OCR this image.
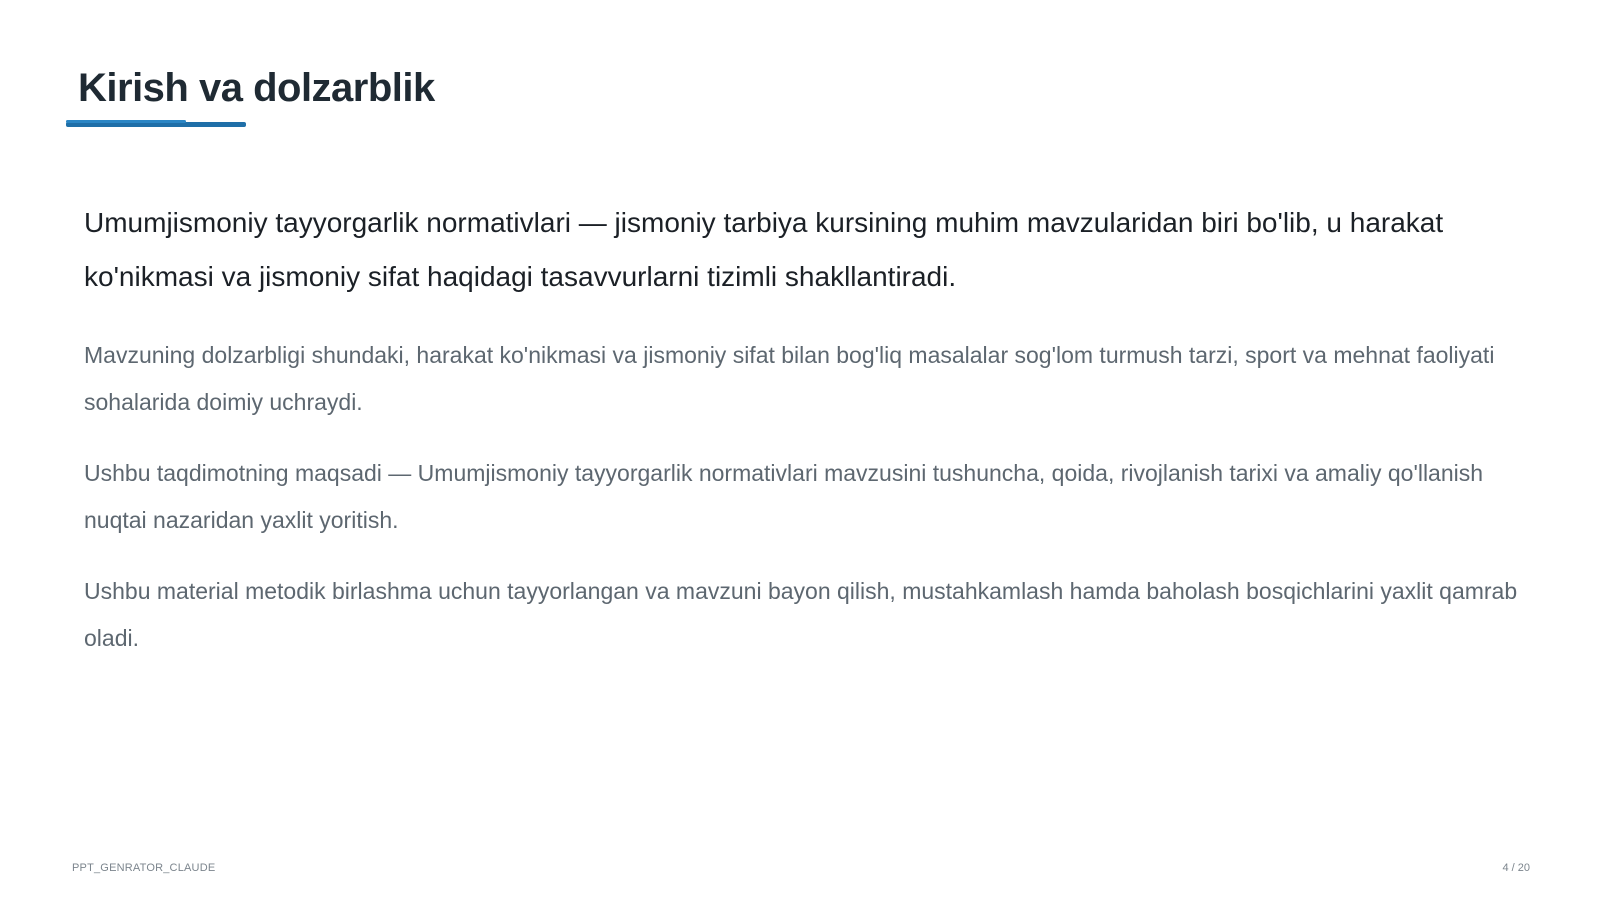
Kirish va dolzarblik

Umumjismoniy tayyorgarlik normativlari — jismoniy tarbiya kursining muhim mavzularidan biri bo'lib, u harakat ko'nikmasi va jismoniy sifat haqidagi tasavvurlarni tizimli shakllantiradi.

Mavzuning dolzarbligi shundaki, harakat ko'nikmasi va jismoniy sifat bilan bog'liq masalalar sog'lom turmush tarzi, sport va mehnat faoliyati sohalarida doimiy uchraydi.

Ushbu taqdimotning maqsadi — Umumjismoniy tayyorgarlik normativlari mavzusini tushuncha, qoida, rivojlanish tarixi va amaliy qo'llanish nuqtai nazaridan yaxlit yoritish.

Ushbu material metodik birlashma uchun tayyorlangan va mavzuni bayon qilish, mustahkamlash hamda baholash bosqichlarini yaxlit qamrab oladi.

PPT_GENRATOR_CLAUDE	4 / 20
